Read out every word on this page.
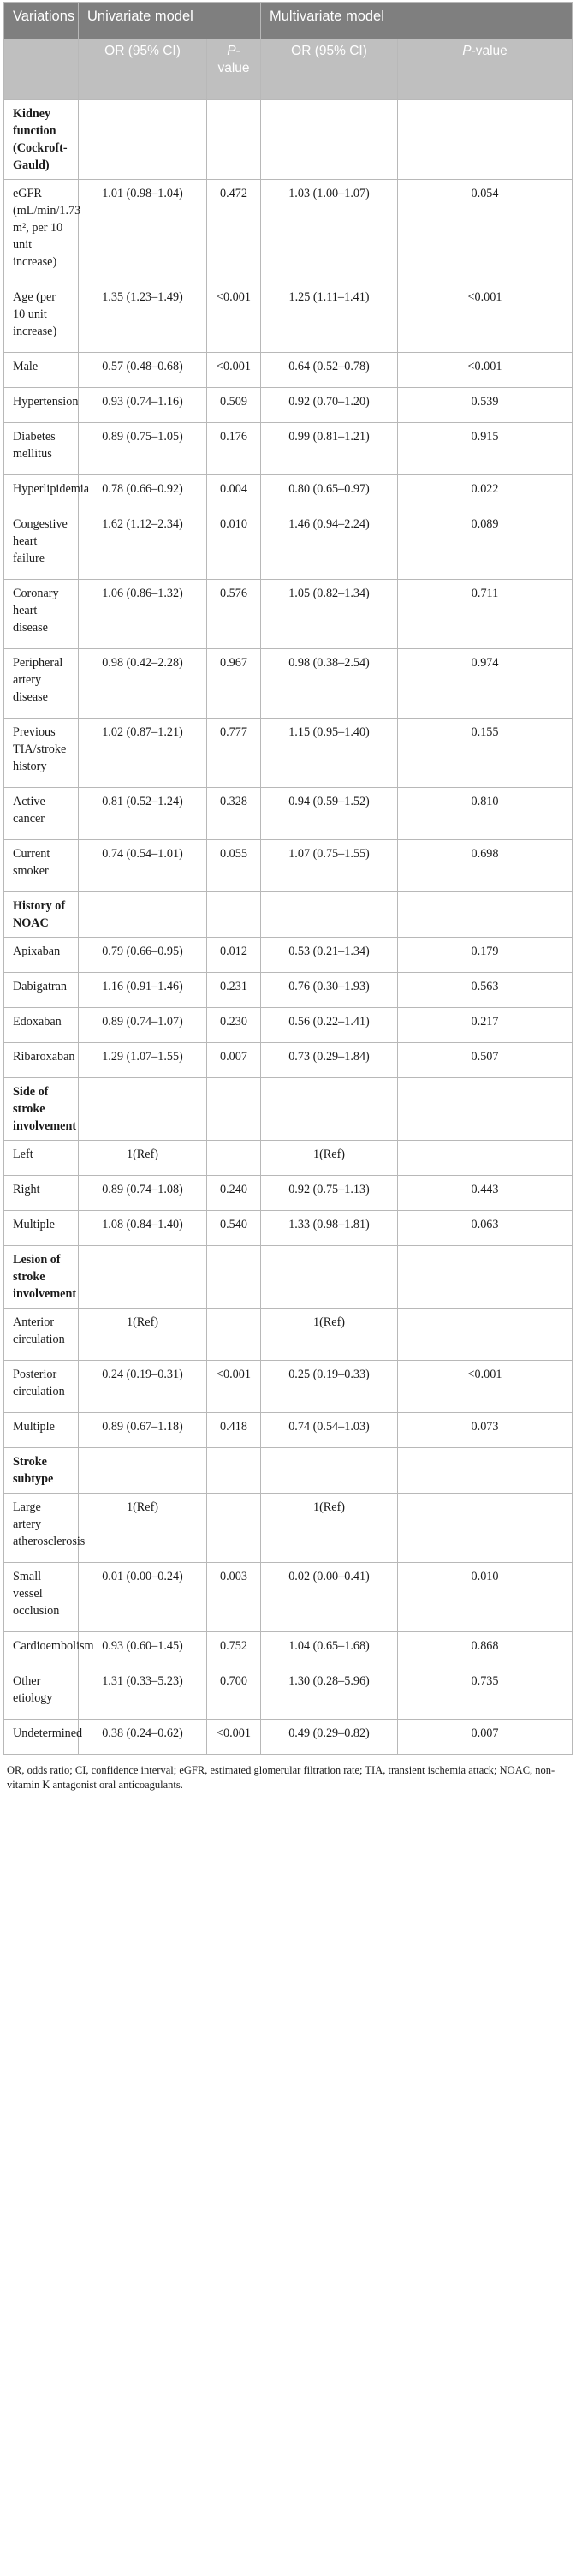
Variations	Univariate model		Multivariate model	
	OR (95% CI)	P-value	OR (95% CI)	P-value
Kidney function (Cockroft-Gauld)				
eGFR (mL/min/1.73 m², per 10 unit increase)	1.01 (0.98–1.04)	0.472	1.03 (1.00–1.07)	0.054
Age (per 10 unit increase)	1.35 (1.23–1.49)	<0.001	1.25 (1.11–1.41)	<0.001
Male	0.57 (0.48–0.68)	<0.001	0.64 (0.52–0.78)	<0.001
Hypertension	0.93 (0.74–1.16)	0.509	0.92 (0.70–1.20)	0.539
Diabetes mellitus	0.89 (0.75–1.05)	0.176	0.99 (0.81–1.21)	0.915
Hyperlipidemia	0.78 (0.66–0.92)	0.004	0.80 (0.65–0.97)	0.022
Congestive heart failure	1.62 (1.12–2.34)	0.010	1.46 (0.94–2.24)	0.089
Coronary heart disease	1.06 (0.86–1.32)	0.576	1.05 (0.82–1.34)	0.711
Peripheral artery disease	0.98 (0.42–2.28)	0.967	0.98 (0.38–2.54)	0.974
Previous TIA/stroke history	1.02 (0.87–1.21)	0.777	1.15 (0.95–1.40)	0.155
Active cancer	0.81 (0.52–1.24)	0.328	0.94 (0.59–1.52)	0.810
Current smoker	0.74 (0.54–1.01)	0.055	1.07 (0.75–1.55)	0.698
History of NOAC				
Apixaban	0.79 (0.66–0.95)	0.012	0.53 (0.21–1.34)	0.179
Dabigatran	1.16 (0.91–1.46)	0.231	0.76 (0.30–1.93)	0.563
Edoxaban	0.89 (0.74–1.07)	0.230	0.56 (0.22–1.41)	0.217
Ribaroxaban	1.29 (1.07–1.55)	0.007	0.73 (0.29–1.84)	0.507
Side of stroke involvement				
Left	1(Ref)		1(Ref)	
Right	0.89 (0.74–1.08)	0.240	0.92 (0.75–1.13)	0.443
Multiple	1.08 (0.84–1.40)	0.540	1.33 (0.98–1.81)	0.063
Lesion of stroke involvement				
Anterior circulation	1(Ref)		1(Ref)	
Posterior circulation	0.24 (0.19–0.31)	<0.001	0.25 (0.19–0.33)	<0.001
Multiple	0.89 (0.67–1.18)	0.418	0.74 (0.54–1.03)	0.073
Stroke subtype				
Large artery atherosclerosis	1(Ref)		1(Ref)	
Small vessel occlusion	0.01 (0.00–0.24)	0.003	0.02 (0.00–0.41)	0.010
Cardioembolism	0.93 (0.60–1.45)	0.752	1.04 (0.65–1.68)	0.868
Other etiology	1.31 (0.33–5.23)	0.700	1.30 (0.28–5.96)	0.735
Undetermined	0.38 (0.24–0.62)	<0.001	0.49 (0.29–0.82)	0.007

OR, odds ratio; CI, confidence interval; eGFR, estimated glomerular filtration rate; TIA, transient ischemia attack; NOAC, non-vitamin K antagonist oral anticoagulants.
